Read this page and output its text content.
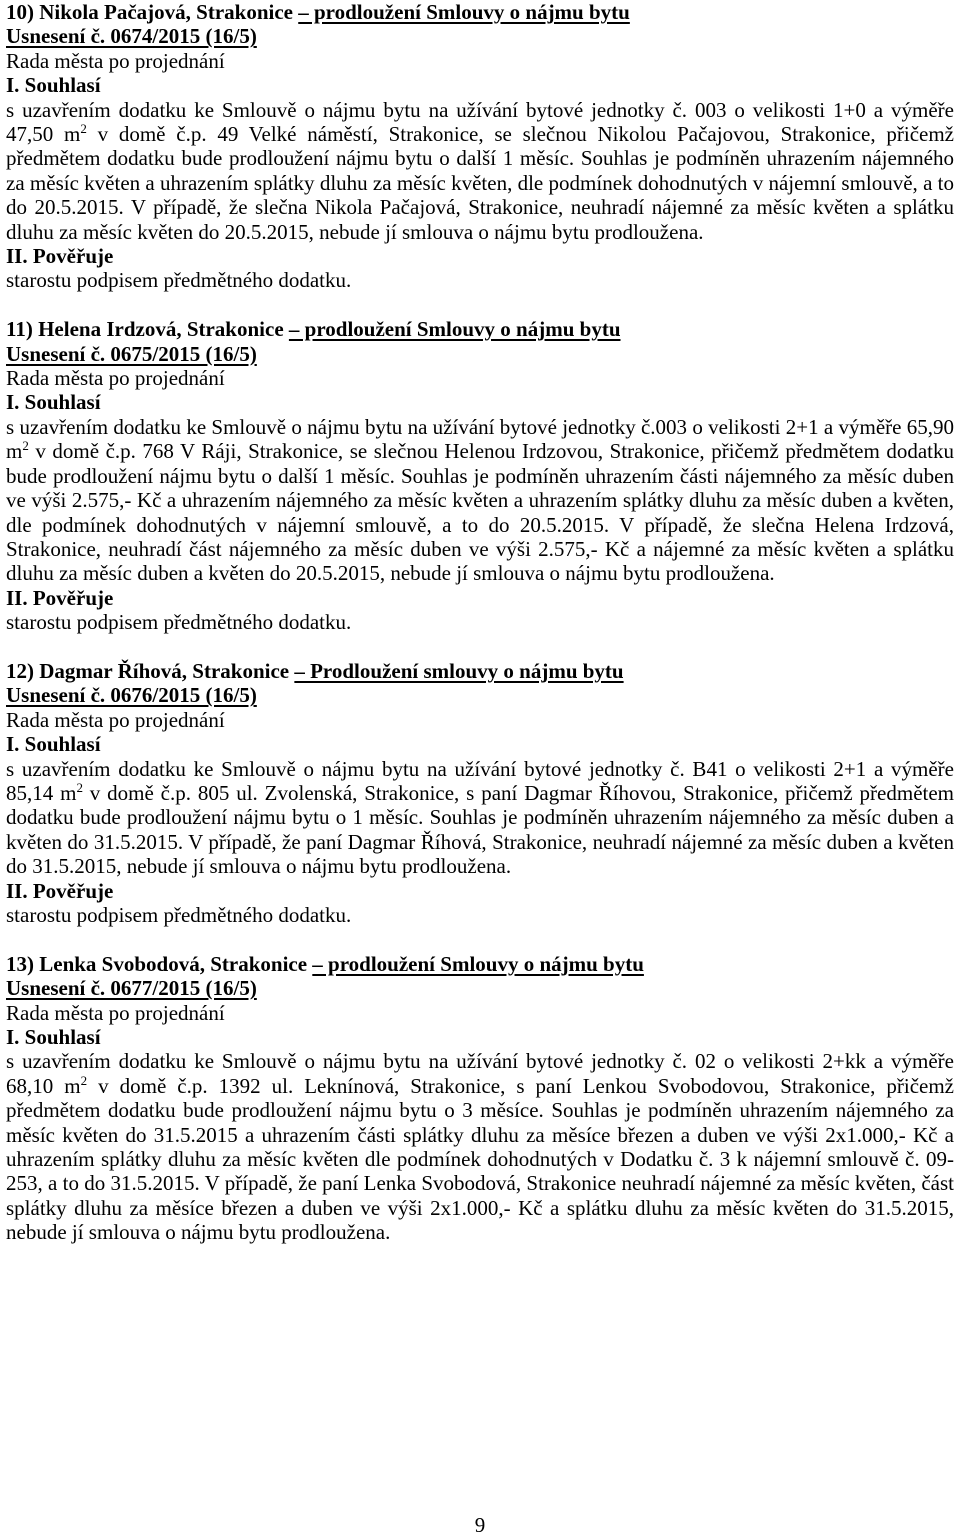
10) Nikola Pačajová, Strakonice – prodloužení Smlouvy o nájmu bytu
Usnesení č. 0674/2015 (16/5)
Rada města po projednání
I. Souhlasí
s uzavřením dodatku ke Smlouvě o nájmu bytu na užívání bytové jednotky č. 003 o velikosti 1+0 a výměře 47,50 $m^2$ v domě č.p. 49 Velké náměstí, Strakonice, se slečnou Nikolou Pačajovou, Strakonice, přičemž předmětem dodatku bude prodloužení nájmu bytu o další 1 měsíc. Souhlas je podmíněn uhrazením nájemného za měsíc květen a uhrazením splátky dluhu za měsíc květen, dle podmínek dohodnutých v nájemní smlouvě, a to do 20.5.2015. V případě, že slečna Nikola Pačajová, Strakonice, neuhradí nájemné za měsíc květen a splátku dluhu za měsíc květen do 20.5.2015, nebude jí smlouva o nájmu bytu prodloužena.
II. Pověřuje
starostu podpisem předmětného dodatku.
11) Helena Irdzová, Strakonice – prodloužení Smlouvy o nájmu bytu
Usnesení č. 0675/2015 (16/5)
Rada města po projednání
I. Souhlasí
s uzavřením dodatku ke Smlouvě o nájmu bytu na užívání bytové jednotky č.003 o velikosti 2+1 a výměře 65,90 $m^2$ v domě č.p. 768 V Ráji, Strakonice, se slečnou Helenou Irdzovou, Strakonice, přičemž předmětem dodatku bude prodloužení nájmu bytu o další 1 měsíc. Souhlas je podmíněn uhrazením části nájemného za měsíc duben ve výši 2.575,- Kč a uhrazením nájemného za měsíc květen a uhrazením splátky dluhu za měsíc duben a květen, dle podmínek dohodnutých v nájemní smlouvě, a to do 20.5.2015. V případě, že slečna Helena Irdzová, Strakonice, neuhradí část nájemného za měsíc duben ve výši 2.575,- Kč a nájemné za měsíc květen a splátku dluhu za měsíc duben a květen do 20.5.2015, nebude jí smlouva o nájmu bytu prodloužena.
II. Pověřuje
starostu podpisem předmětného dodatku.
12) Dagmar Říhová, Strakonice – Prodloužení smlouvy o nájmu bytu
Usnesení č. 0676/2015 (16/5)
Rada města po projednání
I. Souhlasí
s uzavřením dodatku ke Smlouvě o nájmu bytu na užívání bytové jednotky č. B41 o velikosti 2+1 a výměře 85,14 $m^2$ v domě č.p. 805 ul. Zvolenská, Strakonice, s paní Dagmar Říhovou, Strakonice, přičemž předmětem dodatku bude prodloužení nájmu bytu o 1 měsíc. Souhlas je podmíněn uhrazením nájemného za měsíc duben a květen do 31.5.2015. V případě, že paní Dagmar Říhová, Strakonice, neuhradí nájemné za měsíc duben a květen do 31.5.2015, nebude jí smlouva o nájmu bytu prodloužena.
II. Pověřuje
starostu podpisem předmětného dodatku.
13) Lenka Svobodová, Strakonice – prodloužení Smlouvy o nájmu bytu
Usnesení č. 0677/2015 (16/5)
Rada města po projednání
I. Souhlasí
s uzavřením dodatku ke Smlouvě o nájmu bytu na užívání bytové jednotky č. 02 o velikosti 2+kk a výměře 68,10 $m^2$ v domě č.p. 1392 ul. Leknínová, Strakonice, s paní Lenkou Svobodovou, Strakonice, přičemž předmětem dodatku bude prodloužení nájmu bytu o 3 měsíce. Souhlas je podmíněn uhrazením nájemného za měsíc květen do 31.5.2015 a uhrazením části splátky dluhu za měsíce březen a duben ve výši 2x1.000,- Kč a uhrazením splátky dluhu za měsíc květen dle podmínek dohodnutých v Dodatku č. 3 k nájemní smlouvě č. 09-253, a to do 31.5.2015. V případě, že paní Lenka Svobodová, Strakonice neuhradí nájemné za měsíc květen, část splátky dluhu za měsíce březen a duben ve výši 2x1.000,- Kč a splátku dluhu za měsíc květen do 31.5.2015, nebude jí smlouva o nájmu bytu prodloužena.
9
